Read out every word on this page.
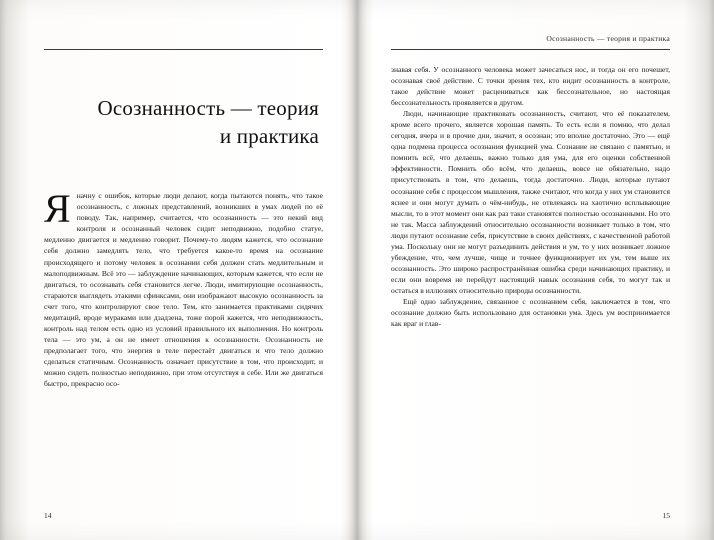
Осознанность — теория
и практика
Я начну с ошибок, которые люди делают, когда пытаются понять, что такое осознанность, с ложных представлений, возникших в умах людей по её поводу. Так, например, считается, что осознанность — это некий вид контроля и осознанный человек сидит неподвижно, подобно статуе, медленно двигается и медленно говорит. Почему-то людям кажется, что осознание себя должно замедлять тело, что требуется какое-то время на осознание происходящего и потому человек в осознании себя должен стать медлительным и малоподвижным. Всё это — заблуждение начинающих, которым кажется, что если не двигаться, то осознавать себя становится легче. Люди, имитирующие осознанность, стараются выглядеть этакими сфинксами, они изображают высокую осознанность за счет того, что контролируют свое тело. Тем, кто занимается практиками сидячих медитаций, вроде мураками или дзадзена, тоже порой кажется, что неподвижность, контроль над телом есть одно из условий правильного их выполнения. Но контроль тела — это ум, а он не имеет отношения к осознанности. Осознанность не предполагает того, что энергия в теле перестаёт двигаться и что тело должно сделаться статичным. Осознанность означает присутствие в том, что происходит, и можно сидеть полностью неподвижно, при этом отсутствуя в себе. Или же двигаться быстро, прекрасно осо-

14
Осознанность — теория и практика

знавая себя. У осознанного человека может зачесаться нос, и тогда он его почешет, осознавая своё действие. С точки зрения тех, кто видит осознанность в контроле, такое действие может расцениваться как бессознательное, но настоящая бессознательность проявляется в другом.

Люди, начинающие практиковать осознанность, считают, что её показателем, кроме всего прочего, является хорошая память. То есть если я помню, что делал сегодня, вчера и в прочие дни, значит, я осознан; это вполне достаточно. Это — ещё одна подмена процесса осознания функцией ума. Сознание не связано с памятью, и помнить всё, что делаешь, важно только для ума, для его оценки собственной эффективности. Помнить обо всём, что делаешь, вовсе не обязательно, надо присутствовать в том, что делаешь, тогда достаточно. Люди, которые путают осознание себя с процессом мышления, также считают, что когда у них ум становится яснее и они могут думать о чём-нибудь, не отвлекаясь на хаотично всплывающие мысли, то в этот момент они как раз таки становятся полностью осознанными. Но это не так. Масса заблуждений относительно осознанности возникает только в том, что люди путают осознание себя, присутствие в своих действиях, с качественной работой ума. Поскольку они не могут разъединить действия и ум, то у них возникает ложное убеждение, что, чем лучше, чище и точнее функционирует их ум, тем выше их осознанность. Это широко распространённая ошибка среди начинающих практику, и если они вовремя не перейдут настоящий навык осознания себя, то могут так и остаться в иллюзиях относительно природы осознанности.

Ещё одно заблуждение, связанное с осознанием себя, заключается в том, что осознание должно быть использовано для остановки ума. Здесь ум воспринимается как враг и глав-

15
